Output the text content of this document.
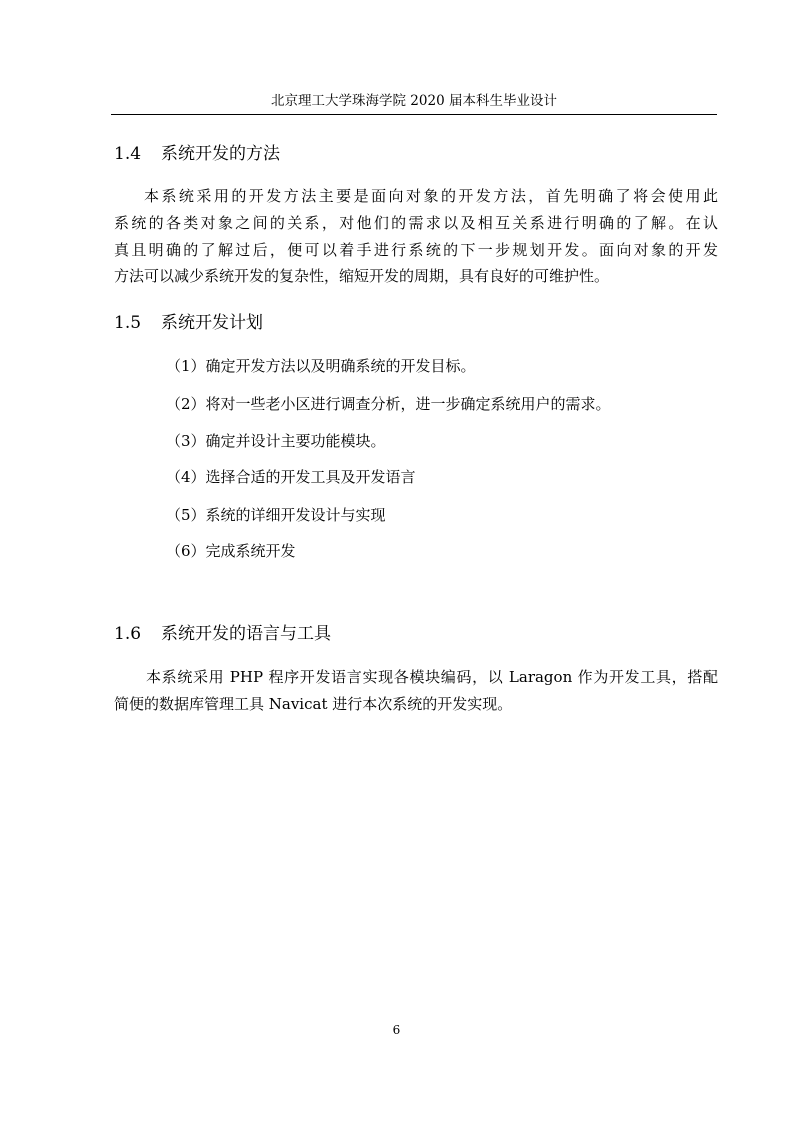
北京理工大学珠海学院 2020 届本科生毕业设计
1.4 系统开发的方法
本系统采用的开发方法主要是面向对象的开发方法，首先明确了将会使用此
系统的各类对象之间的关系，对他们的需求以及相互关系进行明确的了解。在认
真且明确的了解过后，便可以着手进行系统的下一步规划开发。面向对象的开发
方法可以减少系统开发的复杂性，缩短开发的周期，具有良好的可维护性。
1.5 系统开发计划
（1）确定开发方法以及明确系统的开发目标。
（2）将对一些老小区进行调查分析，进一步确定系统用户的需求。
（3）确定并设计主要功能模块。
（4）选择合适的开发工具及开发语言
（5）系统的详细开发设计与实现
（6）完成系统开发
1.6 系统开发的语言与工具
本系统采用 PHP 程序开发语言实现各模块编码，以 Laragon 作为开发工具，搭配
简便的数据库管理工具 Navicat 进行本次系统的开发实现。
6
